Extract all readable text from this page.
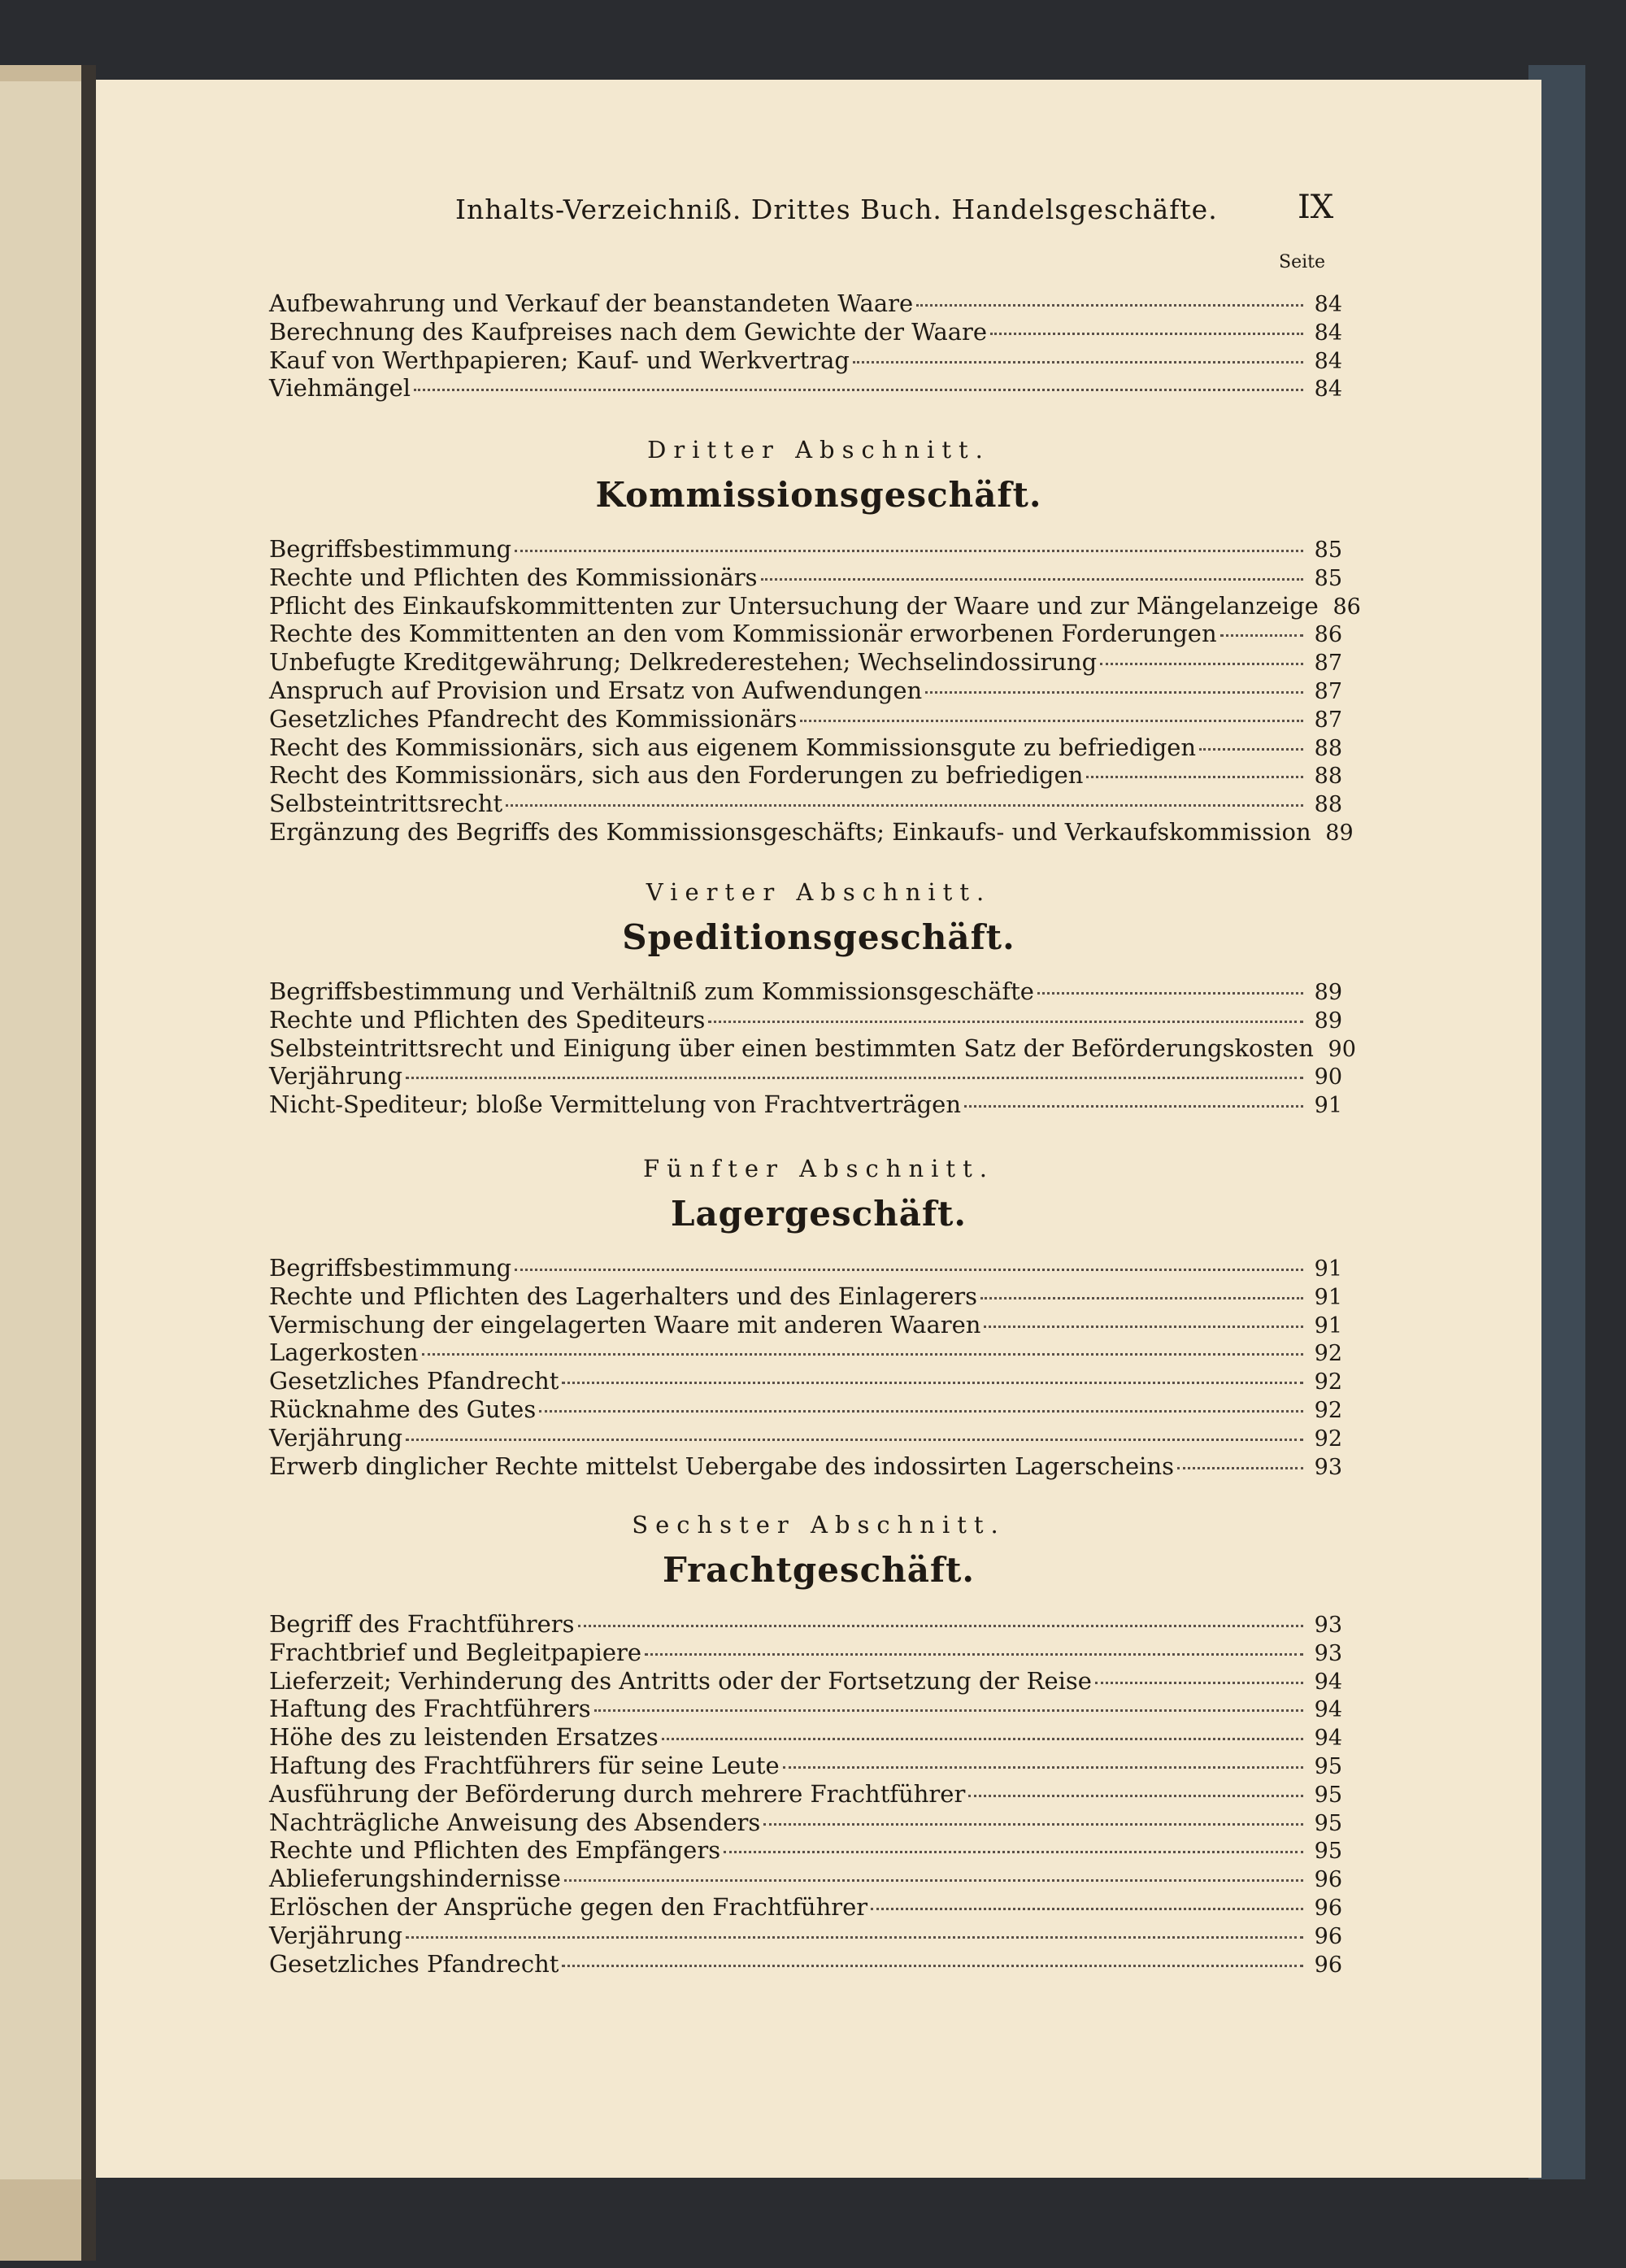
Inhalts-Verzeichniß. Drittes Buch. Handelsgeschäfte. IX
Seite
Aufbewahrung und Verkauf der beanstandeten Waare	84
Berechnung des Kaufpreises nach dem Gewichte der Waare	84
Kauf von Werthpapieren; Kauf- und Werkvertrag	84
Viehmängel	84
Dritter Abschnitt.
Kommissionsgeschäft.
Begriffsbestimmung	85
Rechte und Pflichten des Kommissionärs	85
Pflicht des Einkaufskommittenten zur Untersuchung der Waare und zur Mängelanzeige 86
Rechte des Kommittenten an den vom Kommissionär erworbenen Forderungen	86
Unbefugte Kreditgewährung; Delkrederestehen; Wechselindossirung	87
Anspruch auf Provision und Ersatz von Aufwendungen	87
Gesetzliches Pfandrecht des Kommissionärs	87
Recht des Kommissionärs, sich aus eigenem Kommissionsgute zu befriedigen	88
Recht des Kommissionärs, sich aus den Forderungen zu befriedigen	88
Selbsteintrittsrecht	88
Ergänzung des Begriffs des Kommissionsgeschäfts; Einkaufs- und Verkaufskommission 89
Vierter Abschnitt.
Speditionsgeschäft.
Begriffsbestimmung und Verhältniß zum Kommissionsgeschäfte	89
Rechte und Pflichten des Spediteurs	89
Selbsteintrittsrecht und Einigung über einen bestimmten Satz der Beförderungskosten 90
Verjährung	90
Nicht-Spediteur; bloße Vermittelung von Frachtverträgen	91
Fünfter Abschnitt.
Lagergeschäft.
Begriffsbestimmung	91
Rechte und Pflichten des Lagerhalters und des Einlagerers	91
Vermischung der eingelagerten Waare mit anderen Waaren	91
Lagerkosten	92
Gesetzliches Pfandrecht	92
Rücknahme des Gutes	92
Verjährung	92
Erwerb dinglicher Rechte mittelst Uebergabe des indossirten Lagerscheins	93
Sechster Abschnitt.
Frachtgeschäft.
Begriff des Frachtführers	93
Frachtbrief und Begleitpapiere	93
Lieferzeit; Verhinderung des Antritts oder der Fortsetzung der Reise	94
Haftung des Frachtführers	94
Höhe des zu leistenden Ersatzes	94
Haftung des Frachtführers für seine Leute	95
Ausführung der Beförderung durch mehrere Frachtführer	95
Nachträgliche Anweisung des Absenders	95
Rechte und Pflichten des Empfängers	95
Ablieferungshindernisse	96
Erlöschen der Ansprüche gegen den Frachtführer	96
Verjährung	96
Gesetzliches Pfandrecht	96
